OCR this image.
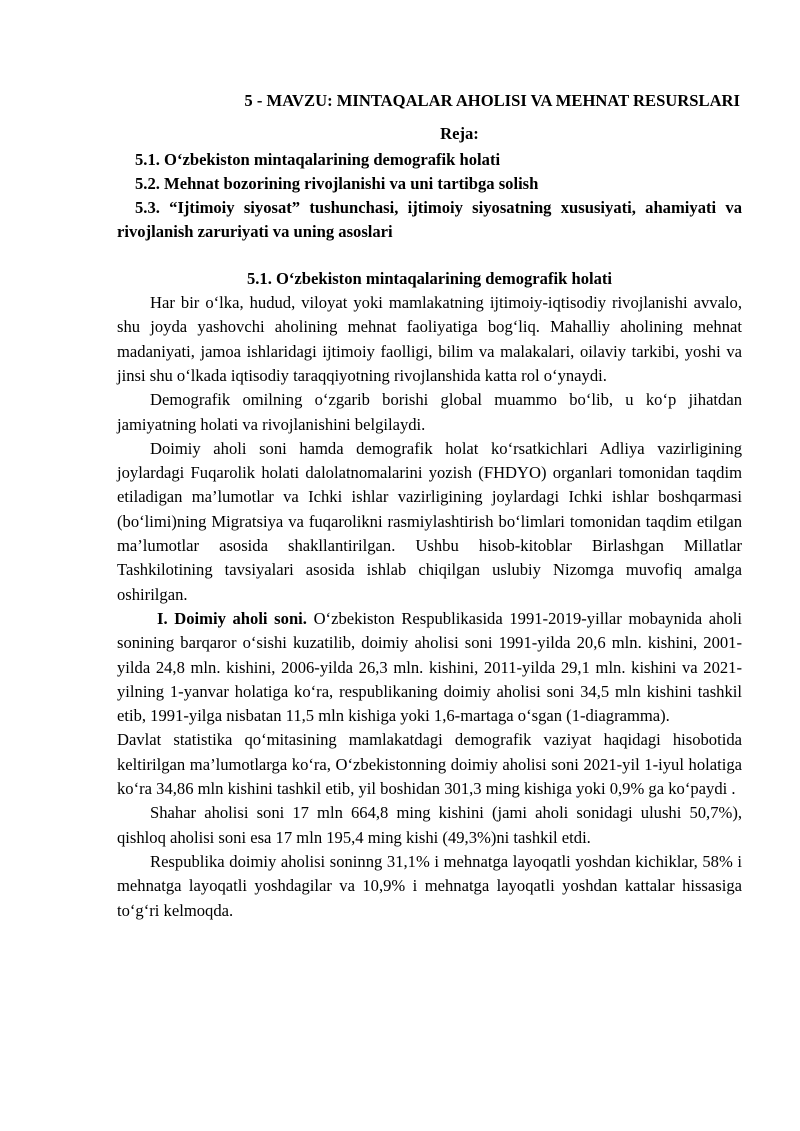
5 - MAVZU: MINTAQALAR AHOLISI VA MEHNAT RESURSLARI
Reja:
5.1. O‘zbekiston mintaqalarining demografik holati
5.2. Mehnat bozorining rivojlanishi va uni tartibga solish
5.3. “Ijtimoiy siyosat” tushunchasi, ijtimoiy siyosatning xususiyati, ahamiyati va rivojlanish zaruriyati va uning asoslari
5.1. O‘zbekiston mintaqalarining demografik holati

Har bir o‘lka, hudud, viloyat yoki mamlakatning ijtimoiy-iqtisodiy rivojlanishi avvalo, shu joyda yashovchi aholining mehnat faoliyatiga bog‘liq. Mahalliy aholining mehnat madaniyati, jamoa ishlaridagi ijtimoiy faolligi, bilim va malakalari, oilaviy tarkibi, yoshi va jinsi shu o‘lkada iqtisodiy taraqqiyotning rivojlanshida katta rol o‘ynaydi.

Demografik omilning o‘zgarib borishi global muammo bo‘lib, u ko‘p jihatdan jamiyatning holati va rivojlanishini belgilaydi.

Doimiy aholi soni hamda demografik holat ko‘rsatkichlari Adliya vazirligining joylardagi Fuqarolik holati dalolatnomalarini yozish (FHDYO) organlari tomonidan taqdim etiladigan ma’lumotlar va Ichki ishlar vazirligining joylardagi Ichki ishlar boshqarmasi (bo‘limi)ning Migratsiya va fuqarolikni rasmiylashtirish bo‘limlari tomonidan taqdim etilgan ma’lumotlar asosida shakllantirilgan. Ushbu hisob-kitoblar Birlashgan Millatlar Tashkilotining tavsiyalari asosida ishlab chiqilgan uslubiy Nizomga muvofiq amalga oshirilgan.

I. Doimiy aholi soni. O‘zbekiston Respublikasida 1991-2019-yillar mobaynida aholi sonining barqaror o‘sishi kuzatilib, doimiy aholisi soni 1991-yilda 20,6 mln. kishini, 2001-yilda 24,8 mln. kishini, 2006-yilda 26,3 mln. kishini, 2011-yilda 29,1 mln. kishini va 2021-yilning 1-yanvar holatiga ko‘ra, respublikaning doimiy aholisi soni 34,5 mln kishini tashkil etib, 1991-yilga nisbatan 11,5 mln kishiga yoki 1,6-martaga o‘sgan (1-diagramma).

Davlat statistika qo‘mitasining mamlakatdagi demografik vaziyat haqidagi hisobotida keltirilgan ma’lumotlarga ko‘ra, O‘zbekistonning doimiy aholisi soni 2021-yil 1-iyul holatiga ko‘ra 34,86 mln kishini tashkil etib, yil boshidan 301,3 ming kishiga yoki 0,9% ga ko‘paydi .

Shahar aholisi soni 17 mln 664,8 ming kishini (jami aholi sonidagi ulushi 50,7%), qishloq aholisi soni esa 17 mln 195,4 ming kishi (49,3%)ni tashkil etdi.

Respublika doimiy aholisi soninng 31,1% i mehnatga layoqatli yoshdan kichiklar, 58% i mehnatga layoqatli yoshdagilar va 10,9% i mehnatga layoqatli yoshdan kattalar hissasiga to‘g‘ri kelmoqda.
